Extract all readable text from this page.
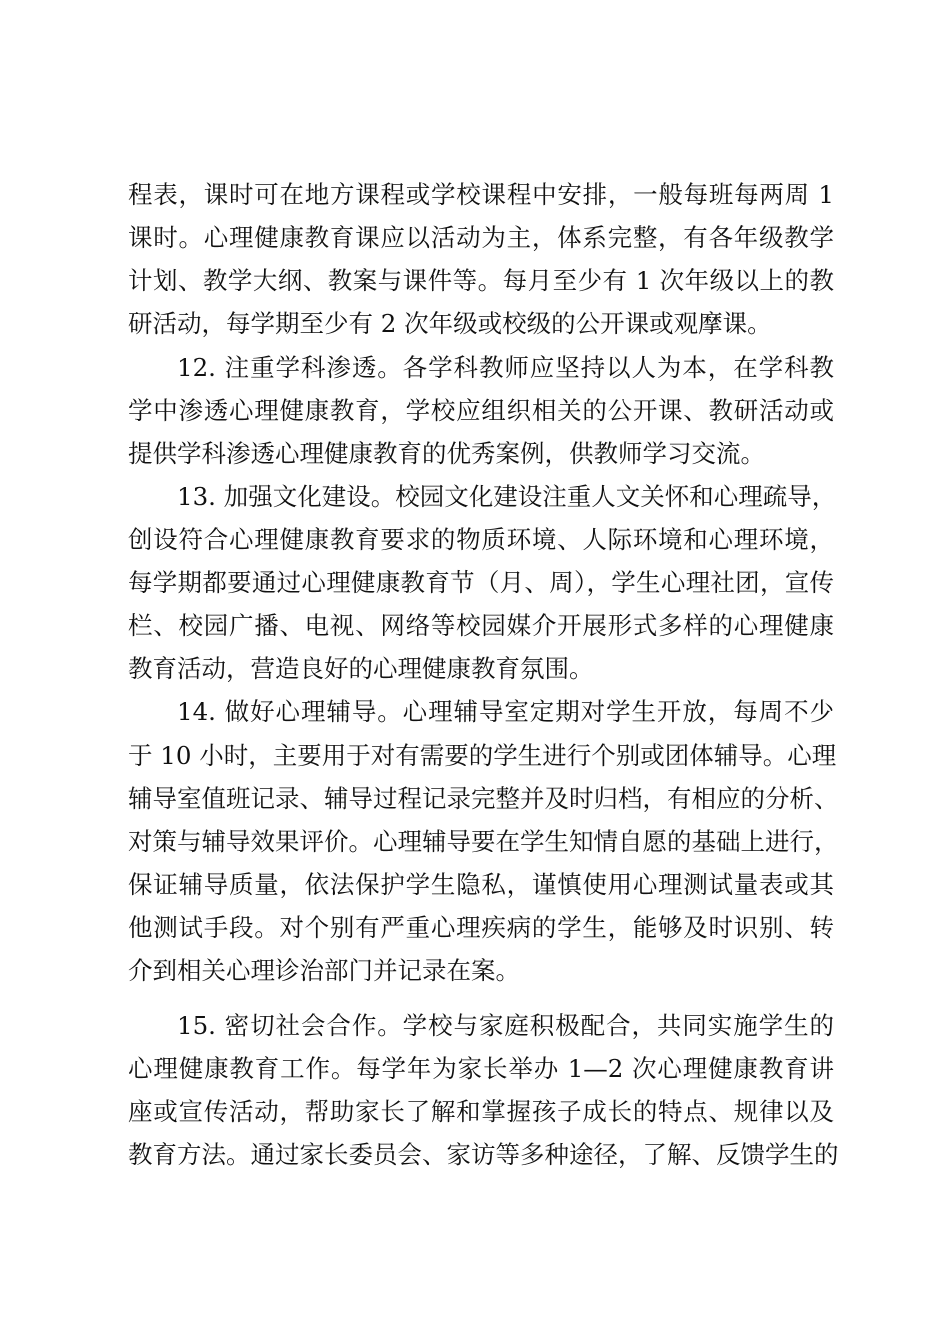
程表，课时可在地方课程或学校课程中安排，一般每班每两周 1
课时。心理健康教育课应以活动为主，体系完整，有各年级教学
计划、教学大纲、教案与课件等。每月至少有 1 次年级以上的教
研活动，每学期至少有 2 次年级或校级的公开课或观摩课。
12. 注重学科渗透。各学科教师应坚持以人为本，在学科教
学中渗透心理健康教育，学校应组织相关的公开课、教研活动或
提供学科渗透心理健康教育的优秀案例，供教师学习交流。
13. 加强文化建设。校园文化建设注重人文关怀和心理疏导，
创设符合心理健康教育要求的物质环境、人际环境和心理环境，
每学期都要通过心理健康教育节（月、周），学生心理社团，宣传
栏、校园广播、电视、网络等校园媒介开展形式多样的心理健康
教育活动，营造良好的心理健康教育氛围。
14. 做好心理辅导。心理辅导室定期对学生开放，每周不少
于 10 小时，主要用于对有需要的学生进行个别或团体辅导。心理
辅导室值班记录、辅导过程记录完整并及时归档，有相应的分析、
对策与辅导效果评价。心理辅导要在学生知情自愿的基础上进行，
保证辅导质量，依法保护学生隐私，谨慎使用心理测试量表或其
他测试手段。对个别有严重心理疾病的学生，能够及时识别、转
介到相关心理诊治部门并记录在案。
15. 密切社会合作。学校与家庭积极配合，共同实施学生的
心理健康教育工作。每学年为家长举办 1—2 次心理健康教育讲
座或宣传活动，帮助家长了解和掌握孩子成长的特点、规律以及
教育方法。通过家长委员会、家访等多种途径，了解、反馈学生的
